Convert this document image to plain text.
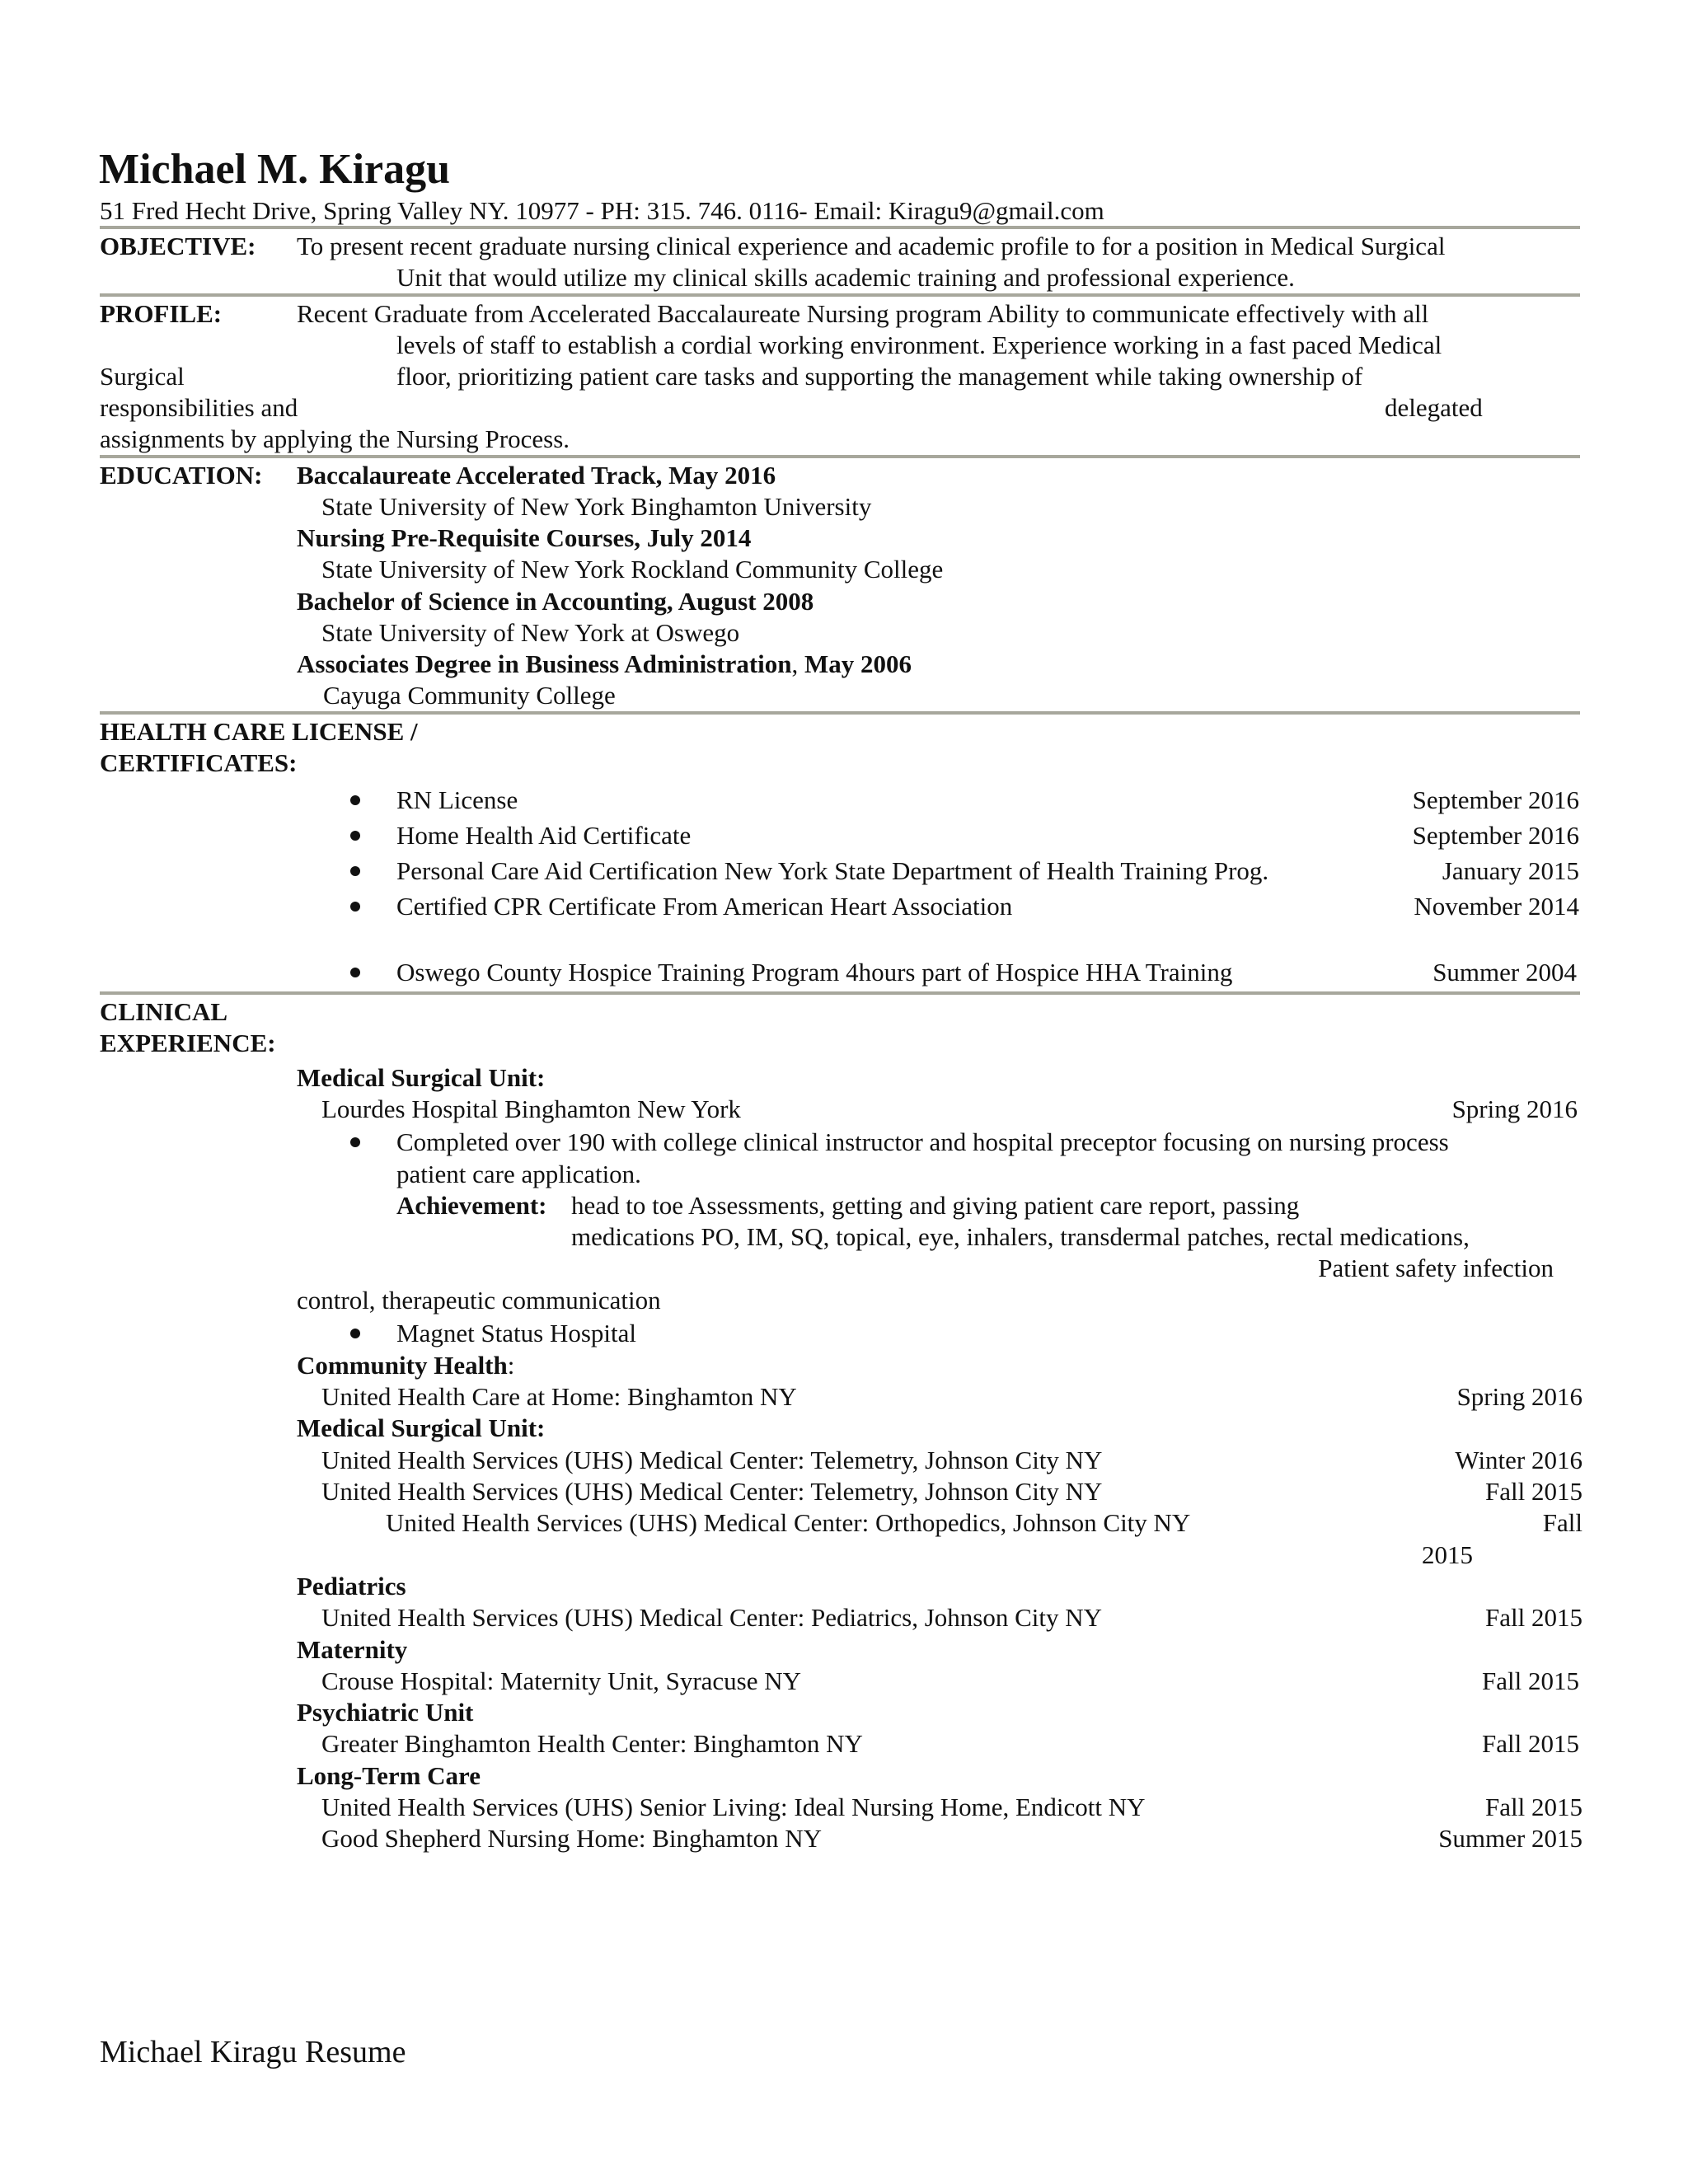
Michael M. Kiragu
51 Fred Hecht Drive, Spring Valley NY. 10977 - PH: 315. 746. 0116- Email: Kiragu9@gmail.com
OBJECTIVE: To present recent graduate nursing clinical experience and academic profile to for a position in Medical Surgical
Unit that would utilize my clinical skills academic training and professional experience.
PROFILE:	Recent Graduate from Accelerated Baccalaureate Nursing program Ability to communicate effectively with all
levels of staff to establish a cordial working environment. Experience working in a fast paced Medical
Surgical	floor, prioritizing patient care tasks and supporting the management while taking ownership of
responsibilities and	delegated
assignments by applying the Nursing Process.
EDUCATION: Baccalaureate Accelerated Track, May 2016
State University of New York Binghamton University
Nursing Pre-Requisite Courses, July 2014
State University of New York Rockland Community College
Bachelor of Science in Accounting, August 2008
State University of New York at Oswego
Associates Degree in Business Administration, May 2006
Cayuga Community College
HEALTH CARE LICENSE /
CERTIFICATES:
RN License	September 2016
Home Health Aid Certificate	September 2016
Personal Care Aid Certification New York State Department of Health Training Prog.	January 2015
Certified CPR Certificate From American Heart Association	November 2014
Oswego County Hospice Training Program 4hours part of Hospice HHA Training	Summer 2004
CLINICAL
EXPERIENCE:
Medical Surgical Unit:
Lourdes Hospital Binghamton New York	Spring 2016
Completed over 190 with college clinical instructor and hospital preceptor focusing on nursing process
patient care application.
Achievement: head to toe Assessments, getting and giving patient care report, passing
medications PO, IM, SQ, topical, eye, inhalers, transdermal patches, rectal medications,
Patient safety infection
control, therapeutic communication
Magnet Status Hospital
Community Health:
United Health Care at Home: Binghamton NY	Spring 2016
Medical Surgical Unit:
United Health Services (UHS) Medical Center: Telemetry, Johnson City NY	Winter 2016
United Health Services (UHS) Medical Center: Telemetry, Johnson City NY	Fall 2015
United Health Services (UHS) Medical Center: Orthopedics, Johnson City NY	Fall
2015
Pediatrics
United Health Services (UHS) Medical Center: Pediatrics, Johnson City NY	Fall 2015
Maternity
Crouse Hospital: Maternity Unit, Syracuse NY	Fall 2015
Psychiatric Unit
Greater Binghamton Health Center: Binghamton NY	Fall 2015
Long-Term Care
United Health Services (UHS) Senior Living: Ideal Nursing Home, Endicott NY	Fall 2015
Good Shepherd Nursing Home: Binghamton NY	Summer 2015
Michael Kiragu Resume
